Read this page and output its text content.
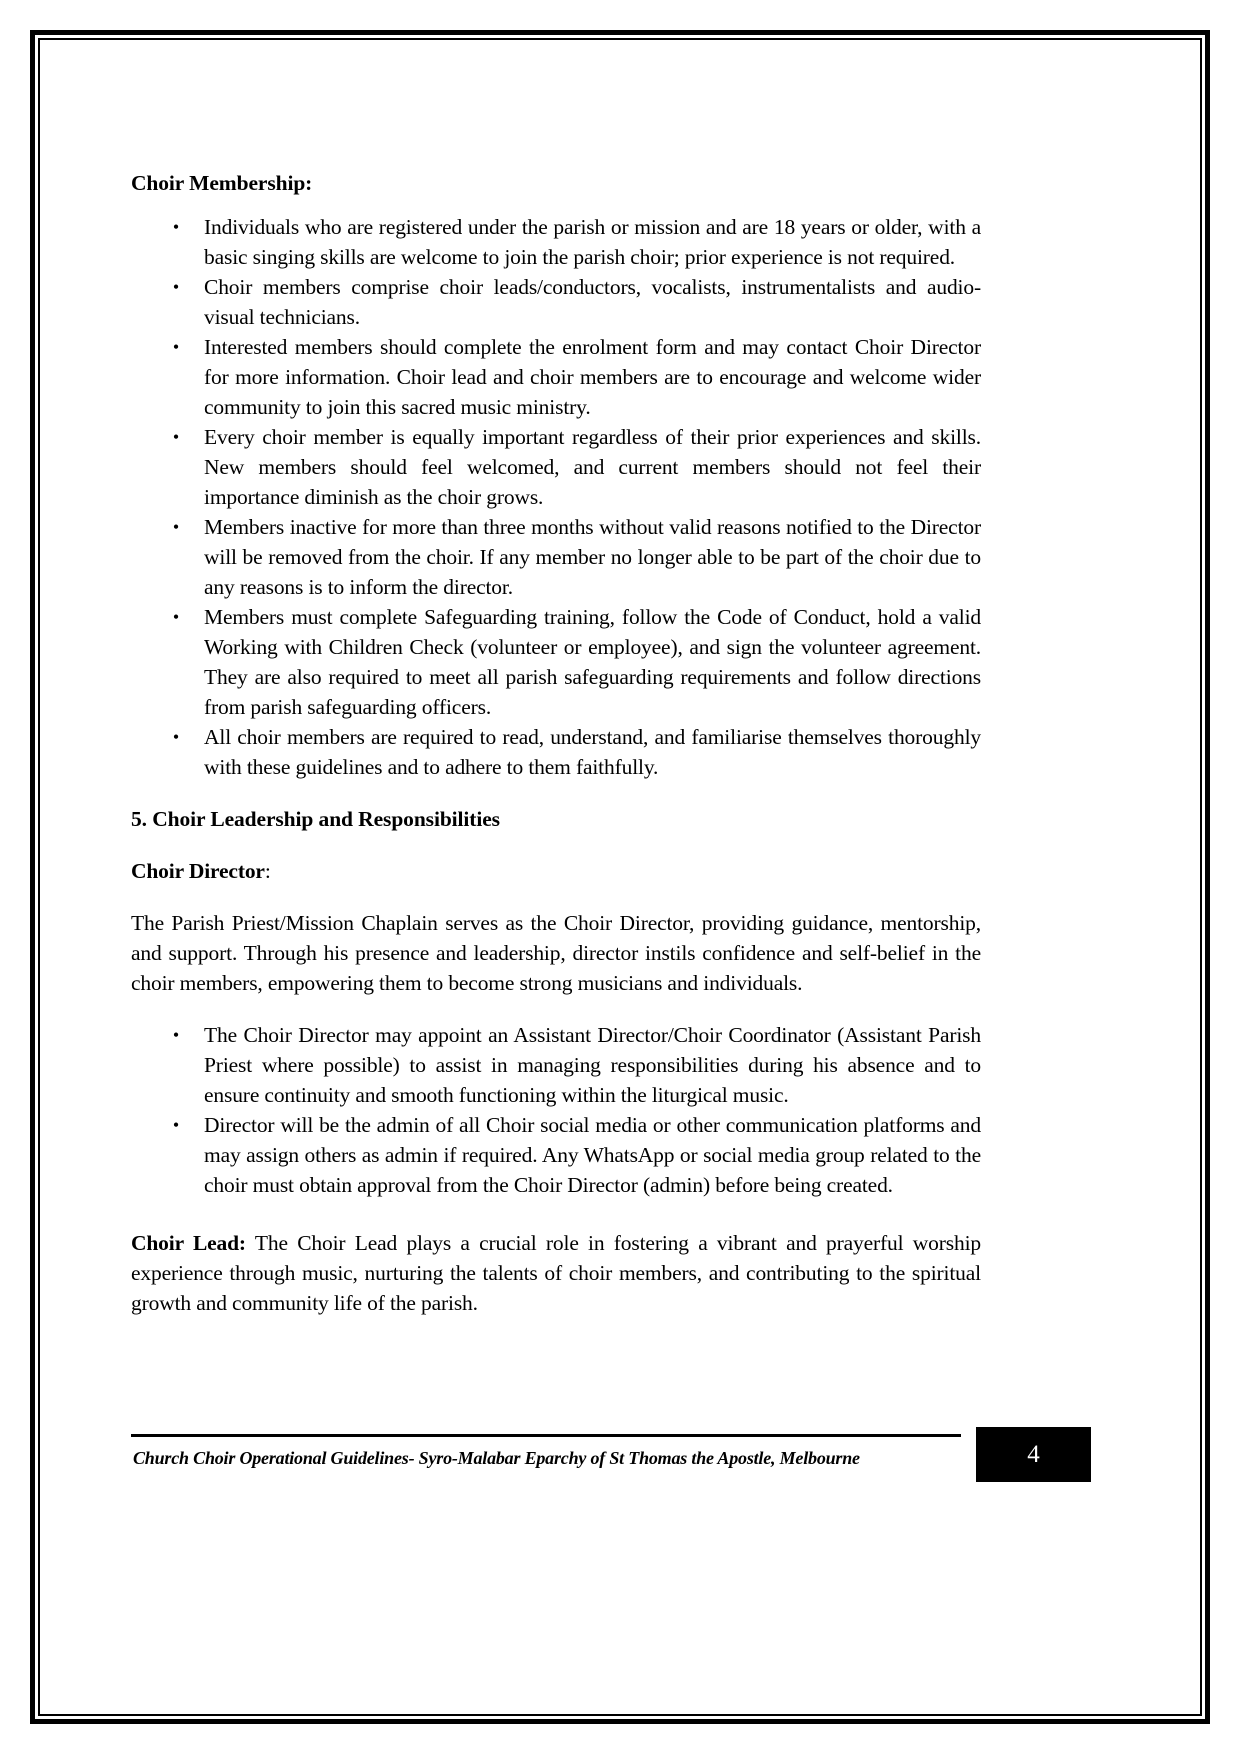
Choir Membership:
• Individuals who are registered under the parish or mission and are 18 years or older, with a basic singing skills are welcome to join the parish choir; prior experience is not required.
• Choir members comprise choir leads/conductors, vocalists, instrumentalists and audio-visual technicians.
• Interested members should complete the enrolment form and may contact Choir Director for more information. Choir lead and choir members are to encourage and welcome wider community to join this sacred music ministry.
• Every choir member is equally important regardless of their prior experiences and skills. New members should feel welcomed, and current members should not feel their importance diminish as the choir grows.
• Members inactive for more than three months without valid reasons notified to the Director will be removed from the choir. If any member no longer able to be part of the choir due to any reasons is to inform the director.
• Members must complete Safeguarding training, follow the Code of Conduct, hold a valid Working with Children Check (volunteer or employee), and sign the volunteer agreement. They are also required to meet all parish safeguarding requirements and follow directions from parish safeguarding officers.
• All choir members are required to read, understand, and familiarise themselves thoroughly with these guidelines and to adhere to them faithfully.
5. Choir Leadership and Responsibilities

Choir Director:

The Parish Priest/Mission Chaplain serves as the Choir Director, providing guidance, mentorship, and support. Through his presence and leadership, director instils confidence and self-belief in the choir members, empowering them to become strong musicians and individuals.

• The Choir Director may appoint an Assistant Director/Choir Coordinator (Assistant Parish Priest where possible) to assist in managing responsibilities during his absence and to ensure continuity and smooth functioning within the liturgical music.
• Director will be the admin of all Choir social media or other communication platforms and may assign others as admin if required. Any WhatsApp or social media group related to the choir must obtain approval from the Choir Director (admin) before being created.

Choir Lead: The Choir Lead plays a crucial role in fostering a vibrant and prayerful worship experience through music, nurturing the talents of choir members, and contributing to the spiritual growth and community life of the parish.

Church Choir Operational Guidelines- Syro-Malabar Eparchy of St Thomas the Apostle, Melbourne	4
